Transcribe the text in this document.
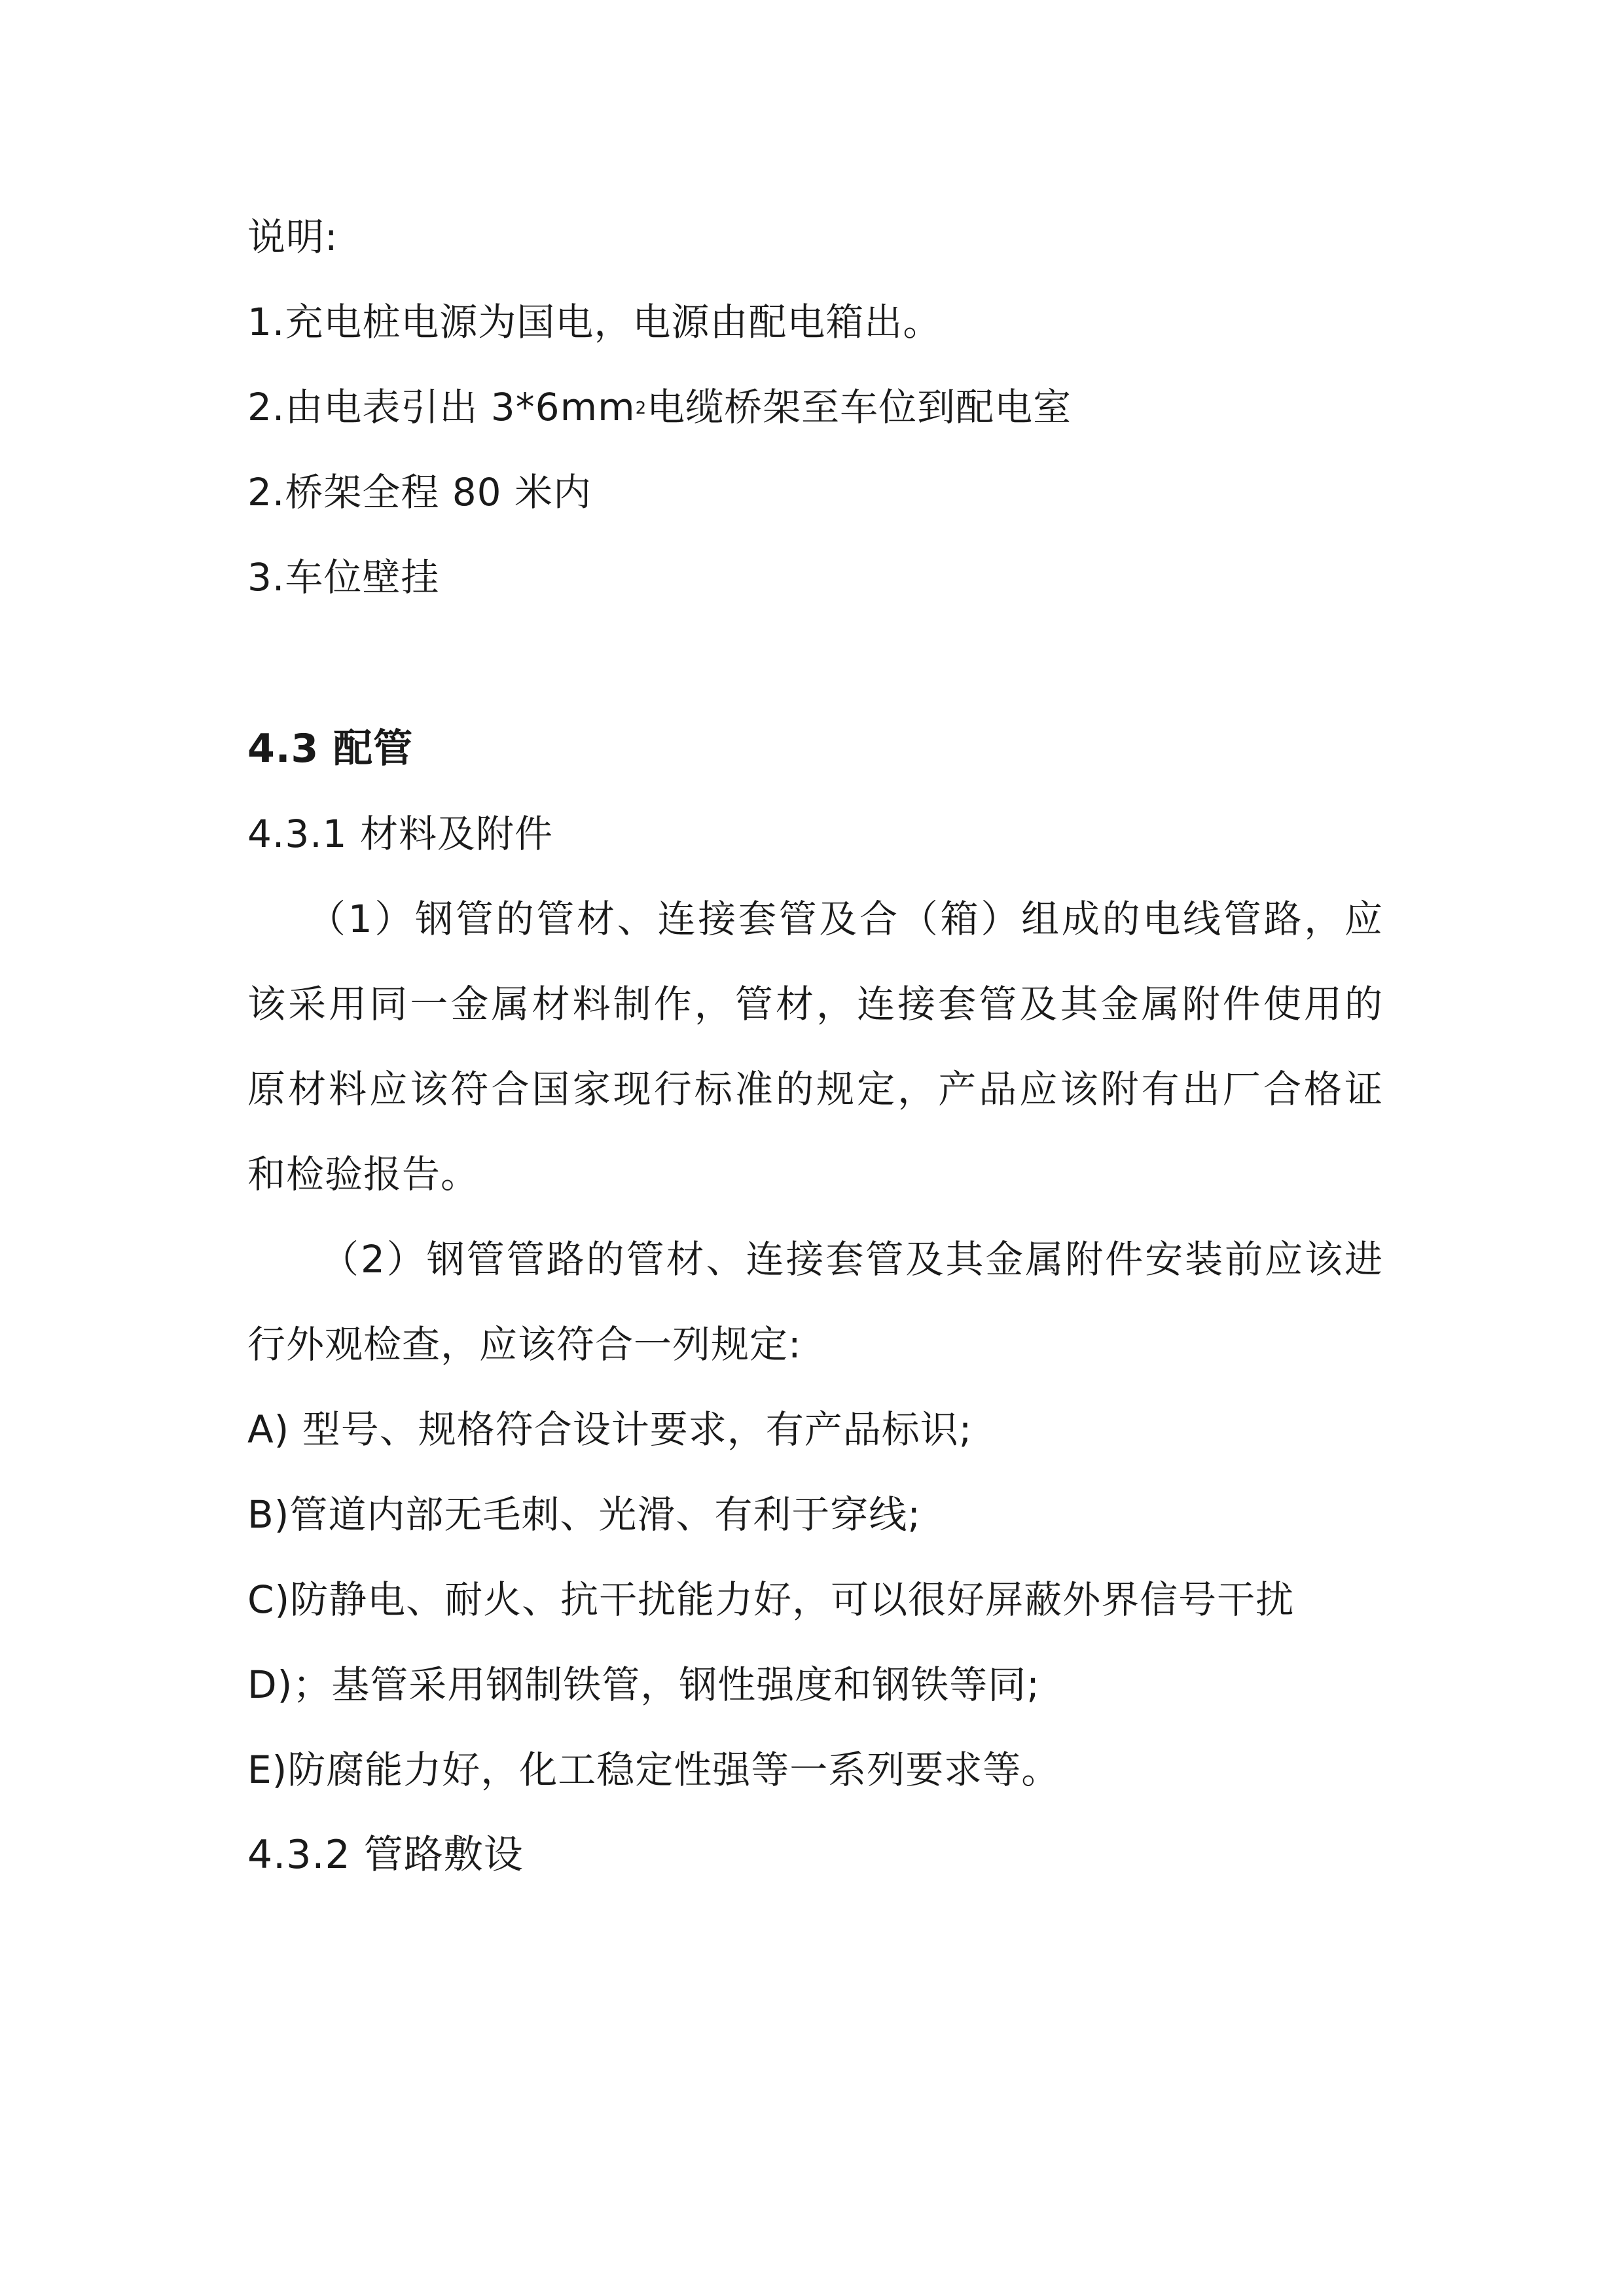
说明:
1.充电桩电源为国电，电源由配电箱出。
2.由电表引出 $3*6mm^2$电缆桥架至车位到配电室
2.桥架全程 80 米内
3.车位壁挂
4.3 配管
4.3.1 材料及附件
（1）钢管的管材、连接套管及合（箱）组成的电线管路，应
该采用同一金属材料制作，管材，连接套管及其金属附件使用的
原材料应该符合国家现行标准的规定，产品应该附有出厂合格证
和检验报告。
（2）钢管管路的管材、连接套管及其金属附件安装前应该进
行外观检查，应该符合一列规定:
A) 型号、规格符合设计要求，有产品标识;
B)管道内部无毛刺、光滑、有利于穿线;
C)防静电、耐火、抗干扰能力好，可以很好屏蔽外界信号干扰
D)；基管采用钢制铁管，钢性强度和钢铁等同;
E)防腐能力好，化工稳定性强等一系列要求等。
4.3.2 管路敷设
